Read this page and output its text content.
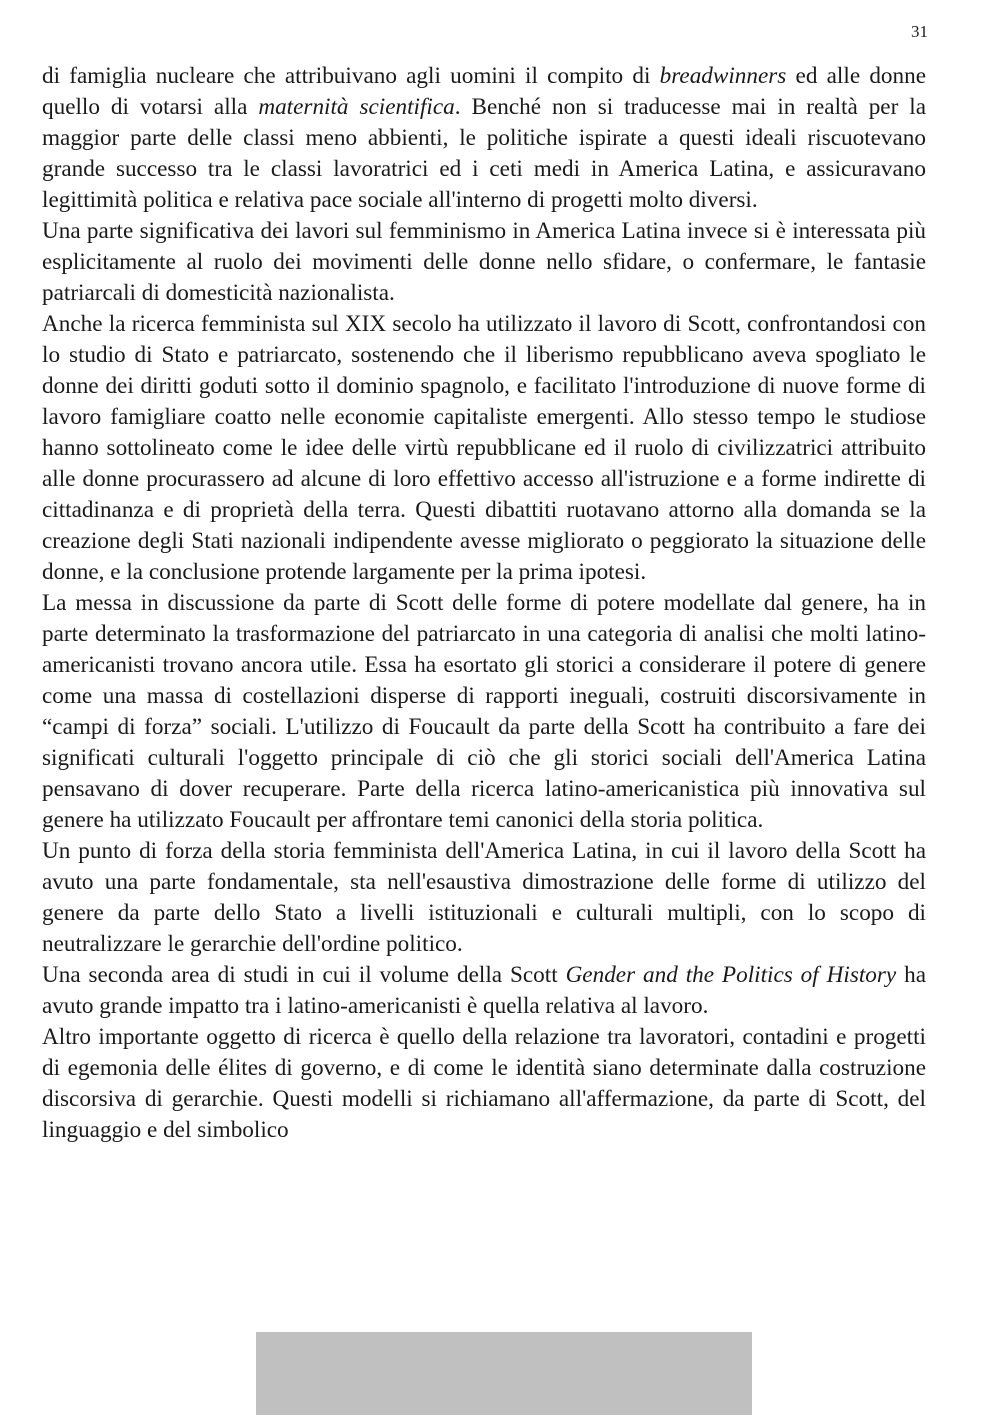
31

di famiglia nucleare che attribuivano agli uomini il compito di breadwinners ed alle donne quello di votarsi alla maternità scientifica. Benché non si traducesse mai in realtà per la maggior parte delle classi meno abbienti, le politiche ispirate a questi ideali riscuotevano grande successo tra le classi lavoratrici ed i ceti medi in America Latina, e assicuravano legittimità politica e relativa pace sociale all'interno di progetti molto diversi.

Una parte significativa dei lavori sul femminismo in America Latina invece si è interessata più esplicitamente al ruolo dei movimenti delle donne nello sfidare, o confermare, le fantasie patriarcali di domesticità nazionalista.

Anche la ricerca femminista sul XIX secolo ha utilizzato il lavoro di Scott, confrontandosi con lo studio di Stato e patriarcato, sostenendo che il liberismo repubblicano aveva spogliato le donne dei diritti goduti sotto il dominio spagnolo, e facilitato l'introduzione di nuove forme di lavoro famigliare coatto nelle economie capitaliste emergenti. Allo stesso tempo le studiose hanno sottolineato come le idee delle virtù repubblicane ed il ruolo di civilizzatrici attribuito alle donne procurassero ad alcune di loro effettivo accesso all'istruzione e a forme indirette di cittadinanza e di proprietà della terra. Questi dibattiti ruotavano attorno alla domanda se la creazione degli Stati nazionali indipendente avesse migliorato o peggiorato la situazione delle donne, e la conclusione protende largamente per la prima ipotesi.

La messa in discussione da parte di Scott delle forme di potere modellate dal genere, ha in parte determinato la trasformazione del patriarcato in una categoria di analisi che molti latino-americanisti trovano ancora utile. Essa ha esortato gli storici a considerare il potere di genere come una massa di costellazioni disperse di rapporti ineguali, costruiti discorsivamente in “campi di forza” sociali. L'utilizzo di Foucault da parte della Scott ha contribuito a fare dei significati culturali l'oggetto principale di ciò che gli storici sociali dell'America Latina pensavano di dover recuperare. Parte della ricerca latino-americanistica più innovativa sul genere ha utilizzato Foucault per affrontare temi canonici della storia politica.

Un punto di forza della storia femminista dell'America Latina, in cui il lavoro della Scott ha avuto una parte fondamentale, sta nell'esaustiva dimostrazione delle forme di utilizzo del genere da parte dello Stato a livelli istituzionali e culturali multipli, con lo scopo di neutralizzare le gerarchie dell'ordine politico.

Una seconda area di studi in cui il volume della Scott Gender and the Politics of History ha avuto grande impatto tra i latino-americanisti è quella relativa al lavoro.

Altro importante oggetto di ricerca è quello della relazione tra lavoratori, contadini e progetti di egemonia delle élites di governo, e di come le identità siano determinate dalla costruzione discorsiva di gerarchie. Questi modelli si richiamano all'affermazione, da parte di Scott, del linguaggio e del simbolico
